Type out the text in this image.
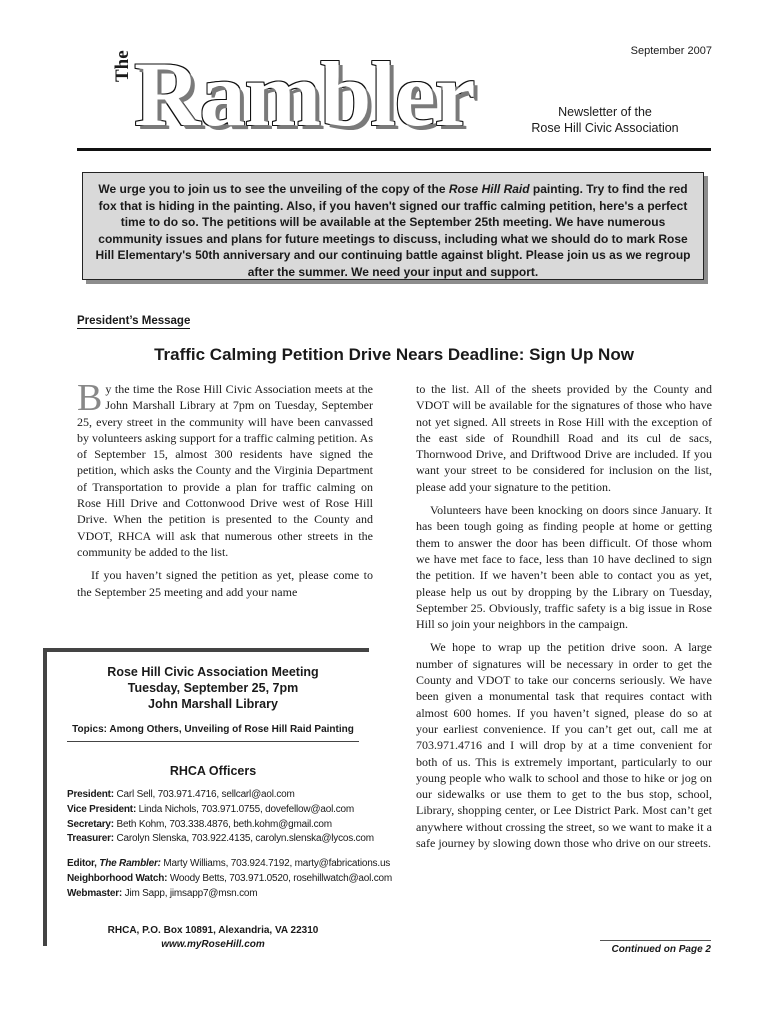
September 2007
The Rambler	Newsletter of the
Rose Hill Civic Association
We urge you to join us to see the unveiling of the copy of the Rose Hill Raid painting. Try to find the red fox that is hiding in the painting. Also, if you haven't signed our traffic calming petition, here's a perfect time to do so. The petitions will be available at the September 25th meeting. We have numerous community issues and plans for future meetings to discuss, including what we should do to mark Rose Hill Elementary's 50th anniversary and our continuing battle against blight. Please join us as we regroup after the summer. We need your input and support.
President’s Message
Traffic Calming Petition Drive Nears Deadline: Sign Up Now

By the time the Rose Hill Civic Association meets at the John Marshall Library at 7pm on Tuesday, September 25, every street in the community will have been canvassed by volunteers asking support for a traffic calming petition. As of September 15, almost 300 residents have signed the petition, which asks the County and the Virginia Department of Transportation to provide a plan for traffic calming on Rose Hill Drive and Cottonwood Drive west of Rose Hill Drive. When the petition is presented to the County and VDOT, RHCA will ask that numerous other streets in the community be added to the list.

If you haven’t signed the petition as yet, please come to the September 25 meeting and add your name

to the list. All of the sheets provided by the County and VDOT will be available for the signatures of those who have not yet signed. All streets in Rose Hill with the exception of the east side of Roundhill Road and its cul de sacs, Thornwood Drive, and Driftwood Drive are included. If you want your street to be considered for inclusion on the list, please add your signature to the petition.

Volunteers have been knocking on doors since January. It has been tough going as finding people at home or getting them to answer the door has been difficult. Of those whom we have met face to face, less than 10 have declined to sign the petition. If we haven’t been able to contact you as yet, please help us out by dropping by the Library on Tuesday, September 25. Obviously, traffic safety is a big issue in Rose Hill so join your neighbors in the campaign.

We hope to wrap up the petition drive soon. A large number of signatures will be necessary in order to get the County and VDOT to take our concerns seriously. We have been given a monumental task that requires contact with almost 600 homes. If you haven’t signed, please do so at your earliest convenience. If you can’t get out, call me at 703.971.4716 and I will drop by at a time convenient for both of us. This is extremely important, particularly to our young people who walk to school and those to hike or jog on our sidewalks or use them to get to the bus stop, school, Library, shopping center, or Lee District Park. Most can’t get anywhere without crossing the street, so we want to make it a safe journey by slowing down those who drive on our streets.

Rose Hill Civic Association Meeting
Tuesday, September 25, 7pm
John Marshall Library
Topics: Among Others, Unveiling of Rose Hill Raid Painting
RHCA Officers
President: Carl Sell, 703.971.4716, sellcarl@aol.com
Vice President: Linda Nichols, 703.971.0755, dovefellow@aol.com
Secretary: Beth Kohm, 703.338.4876, beth.kohm@gmail.com
Treasurer: Carolyn Slenska, 703.922.4135, carolyn.slenska@lycos.com
Editor, The Rambler: Marty Williams, 703.924.7192, marty@fabrications.us
Neighborhood Watch: Woody Betts, 703.971.0520, rosehillwatch@aol.com
Webmaster: Jim Sapp, jimsapp7@msn.com
RHCA, P.O. Box 10891, Alexandria, VA 22310
www.myRoseHill.com	Continued on Page 2
